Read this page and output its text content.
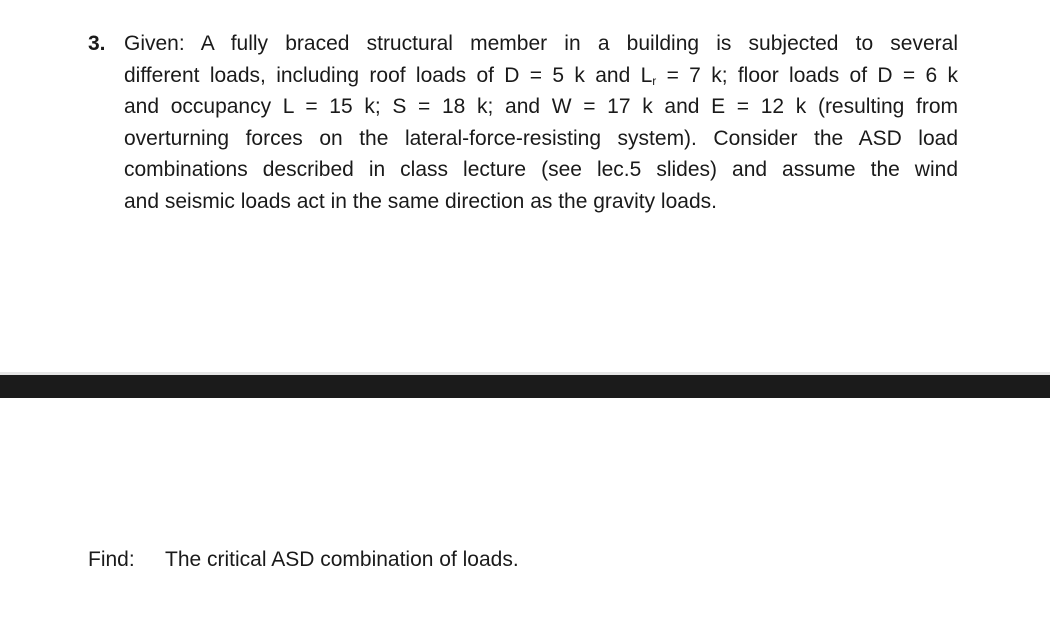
3. Given: A fully braced structural member in a building is subjected to several
different loads, including roof loads of D = 5 k and $L_r = 7$ k; floor loads of D = 6 k
and occupancy L = 15 k; S = 18 k; and W = 17 k and E = 12 k (resulting from
overturning forces on the lateral-force-resisting system). Consider the ASD load
combinations described in class lecture (see lec.5 slides) and assume the wind
and seismic loads act in the same direction as the gravity loads.
Find:	The critical ASD combination of loads.
